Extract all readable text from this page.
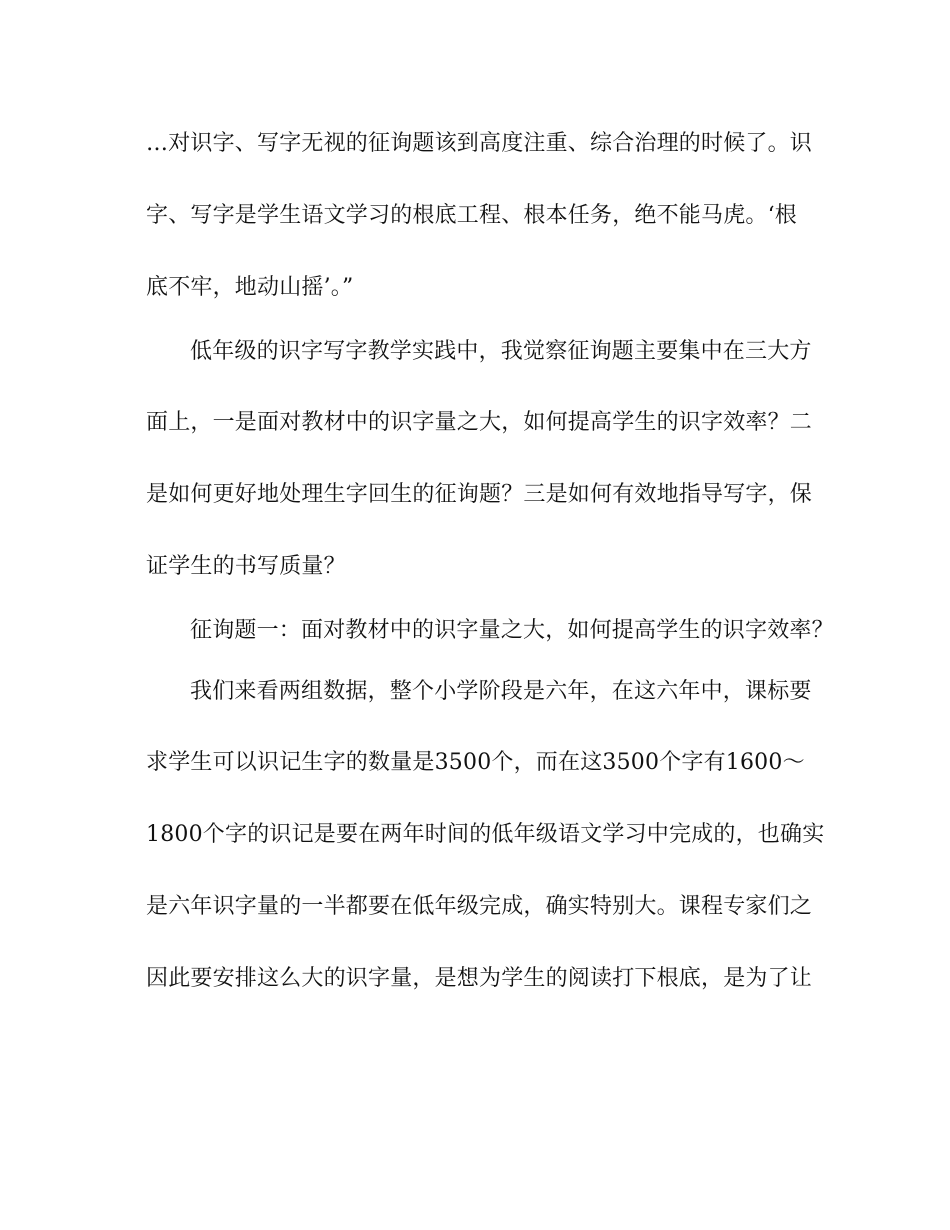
…对识字、写字无视的征询题该到高度注重、综合治理的时候了。识
字、写字是学生语文学习的根底工程、根本任务，绝不能马虎。‘根
底不牢，地动山摇’。”
低年级的识字写字教学实践中，我觉察征询题主要集中在三大方
面上，一是面对教材中的识字量之大，如何提高学生的识字效率？二
是如何更好地处理生字回生的征询题？三是如何有效地指导写字，保
证学生的书写质量？
征询题一：面对教材中的识字量之大，如何提高学生的识字效率？
我们来看两组数据，整个小学阶段是六年，在这六年中，课标要
求学生可以识记生字的数量是3500个，而在这3500个字有1600～
1800个字的识记是要在两年时间的低年级语文学习中完成的，也确实
是六年识字量的一半都要在低年级完成，确实特别大。课程专家们之
因此要安排这么大的识字量，是想为学生的阅读打下根底，是为了让
